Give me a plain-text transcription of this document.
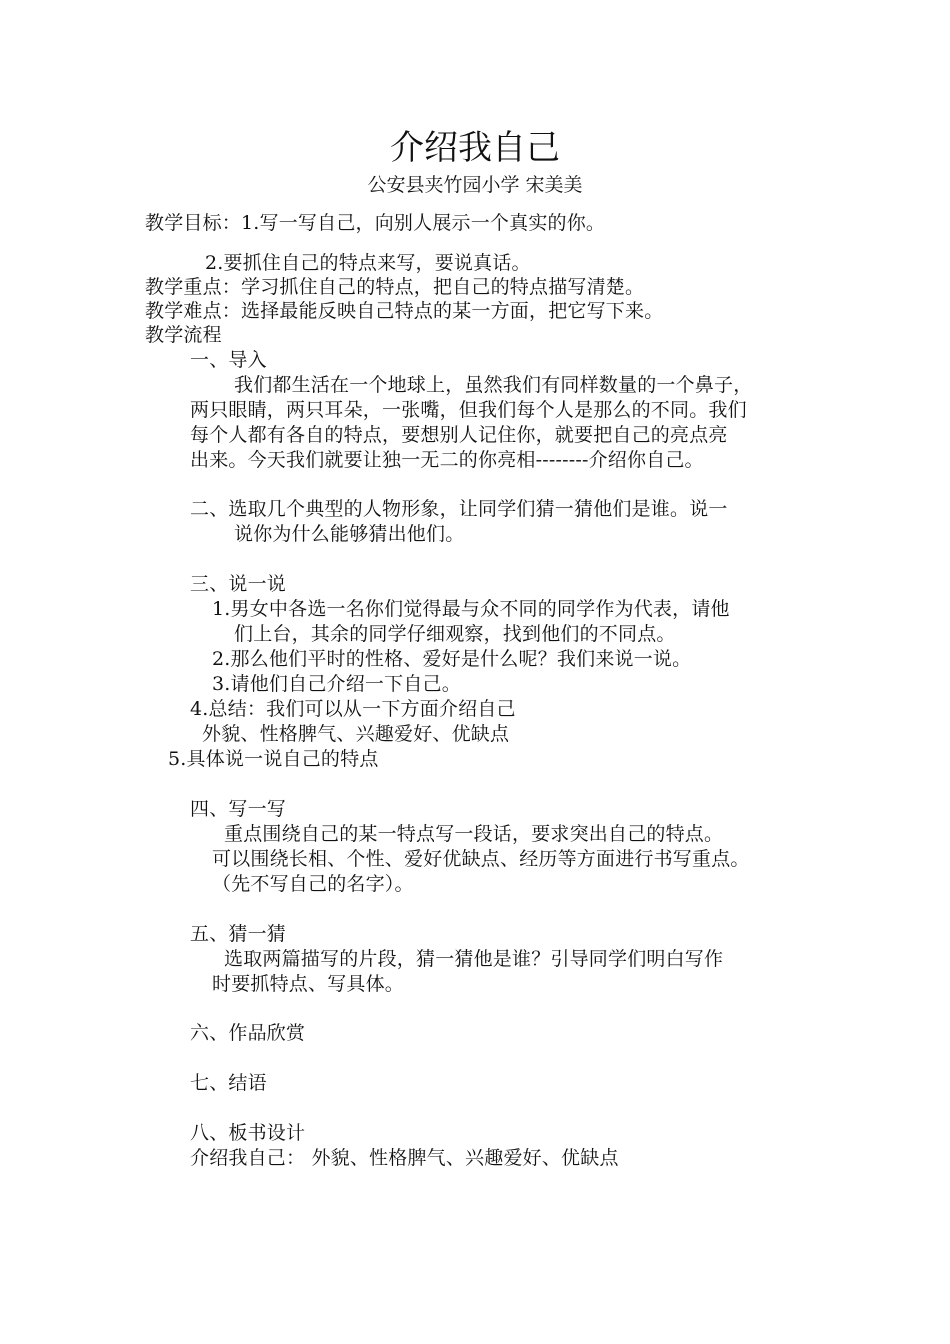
介绍我自己
公安县夹竹园小学 宋美美
教学目标：1.写一写自己，向别人展示一个真实的你。
2.要抓住自己的特点来写，要说真话。
教学重点：学习抓住自己的特点，把自己的特点描写清楚。
教学难点：选择最能反映自己特点的某一方面，把它写下来。
教学流程
一、导入
我们都生活在一个地球上，虽然我们有同样数量的一个鼻子，
两只眼睛，两只耳朵，一张嘴，但我们每个人是那么的不同。我们
每个人都有各自的特点，要想别人记住你，就要把自己的亮点亮
出来。今天我们就要让独一无二的你亮相--------介绍你自己。
二、选取几个典型的人物形象，让同学们猜一猜他们是谁。说一
说你为什么能够猜出他们。
三、说一说
1.男女中各选一名你们觉得最与众不同的同学作为代表，请他
们上台，其余的同学仔细观察，找到他们的不同点。
2.那么他们平时的性格、爱好是什么呢？我们来说一说。
3.请他们自己介绍一下自己。
4.总结：我们可以从一下方面介绍自己
外貌、性格脾气、兴趣爱好、优缺点
5.具体说一说自己的特点
四、写一写
重点围绕自己的某一特点写一段话，要求突出自己的特点。
可以围绕长相、个性、爱好优缺点、经历等方面进行书写重点。
（先不写自己的名字）。
五、猜一猜
选取两篇描写的片段，猜一猜他是谁？引导同学们明白写作
时要抓特点、写具体。
六、作品欣赏
七、结语
八、板书设计
介绍我自己： 外貌、性格脾气、兴趣爱好、优缺点
